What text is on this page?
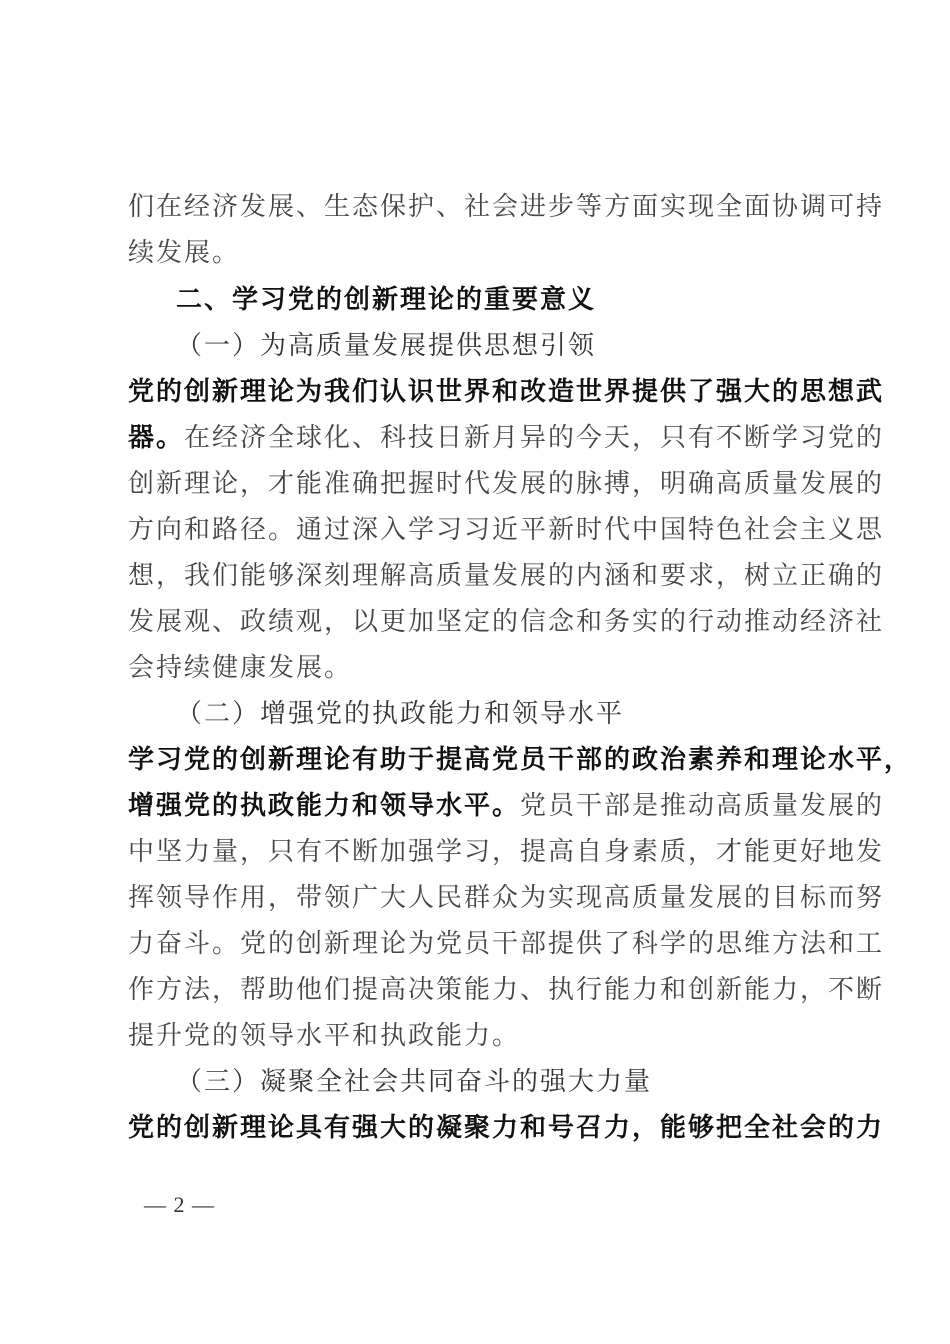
们在经济发展、生态保护、社会进步等方面实现全面协调可持
续发展。
二、学习党的创新理论的重要意义
（一）为高质量发展提供思想引领
党的创新理论为我们认识世界和改造世界提供了强大的思想武
器。在经济全球化、科技日新月异的今天，只有不断学习党的
创新理论，才能准确把握时代发展的脉搏，明确高质量发展的
方向和路径。通过深入学习习近平新时代中国特色社会主义思
想，我们能够深刻理解高质量发展的内涵和要求，树立正确的
发展观、政绩观，以更加坚定的信念和务实的行动推动经济社
会持续健康发展。
（二）增强党的执政能力和领导水平
学习党的创新理论有助于提高党员干部的政治素养和理论水平，
增强党的执政能力和领导水平。党员干部是推动高质量发展的
中坚力量，只有不断加强学习，提高自身素质，才能更好地发
挥领导作用，带领广大人民群众为实现高质量发展的目标而努
力奋斗。党的创新理论为党员干部提供了科学的思维方法和工
作方法，帮助他们提高决策能力、执行能力和创新能力，不断
提升党的领导水平和执政能力。
（三）凝聚全社会共同奋斗的强大力量
党的创新理论具有强大的凝聚力和号召力，能够把全社会的力
— 2 —
